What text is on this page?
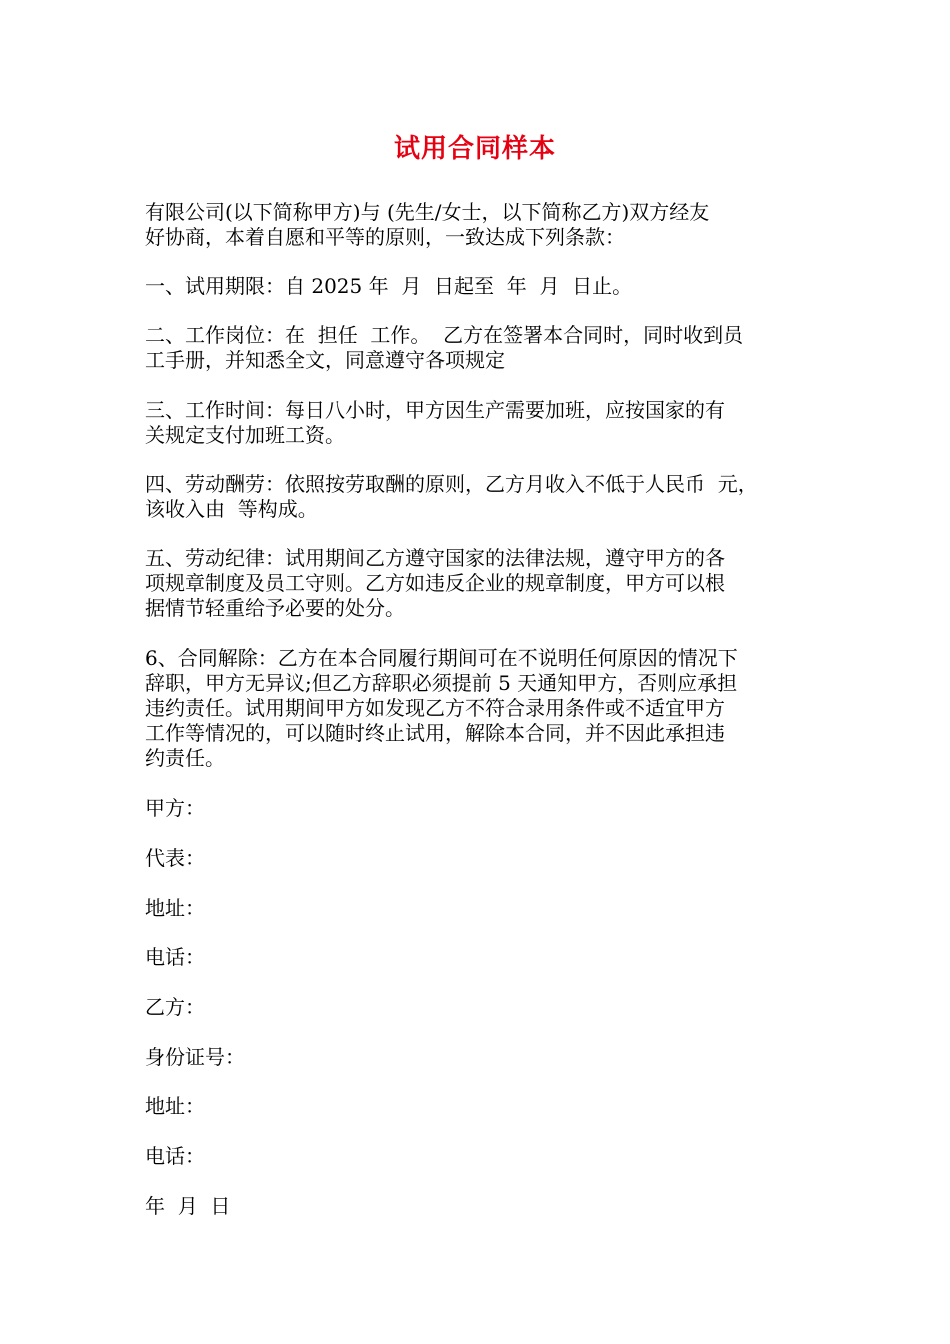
试用合同样本

有限公司(以下简称甲方)与 (先生/女士，以下简称乙方)双方经友
好协商，本着自愿和平等的原则，一致达成下列条款：

一、试用期限：自 2025 年  月  日起至  年  月  日止。

二、工作岗位：在  担任  工作。  乙方在签署本合同时，同时收到员
工手册，并知悉全文，同意遵守各项规定

三、工作时间：每日八小时，甲方因生产需要加班，应按国家的有
关规定支付加班工资。

四、劳动酬劳：依照按劳取酬的原则，乙方月收入不低于人民币  元，
该收入由  等构成。

五、劳动纪律：试用期间乙方遵守国家的法律法规，遵守甲方的各
项规章制度及员工守则。乙方如违反企业的规章制度，甲方可以根
据情节轻重给予必要的处分。

6、合同解除：乙方在本合同履行期间可在不说明任何原因的情况下
辞职，甲方无异议;但乙方辞职必须提前 5 天通知甲方，否则应承担
违约责任。试用期间甲方如发现乙方不符合录用条件或不适宜甲方
工作等情况的，可以随时终止试用，解除本合同，并不因此承担违
约责任。

甲方：

代表：

地址：

电话：

乙方：

身份证号：

地址：

电话：

年  月  日
